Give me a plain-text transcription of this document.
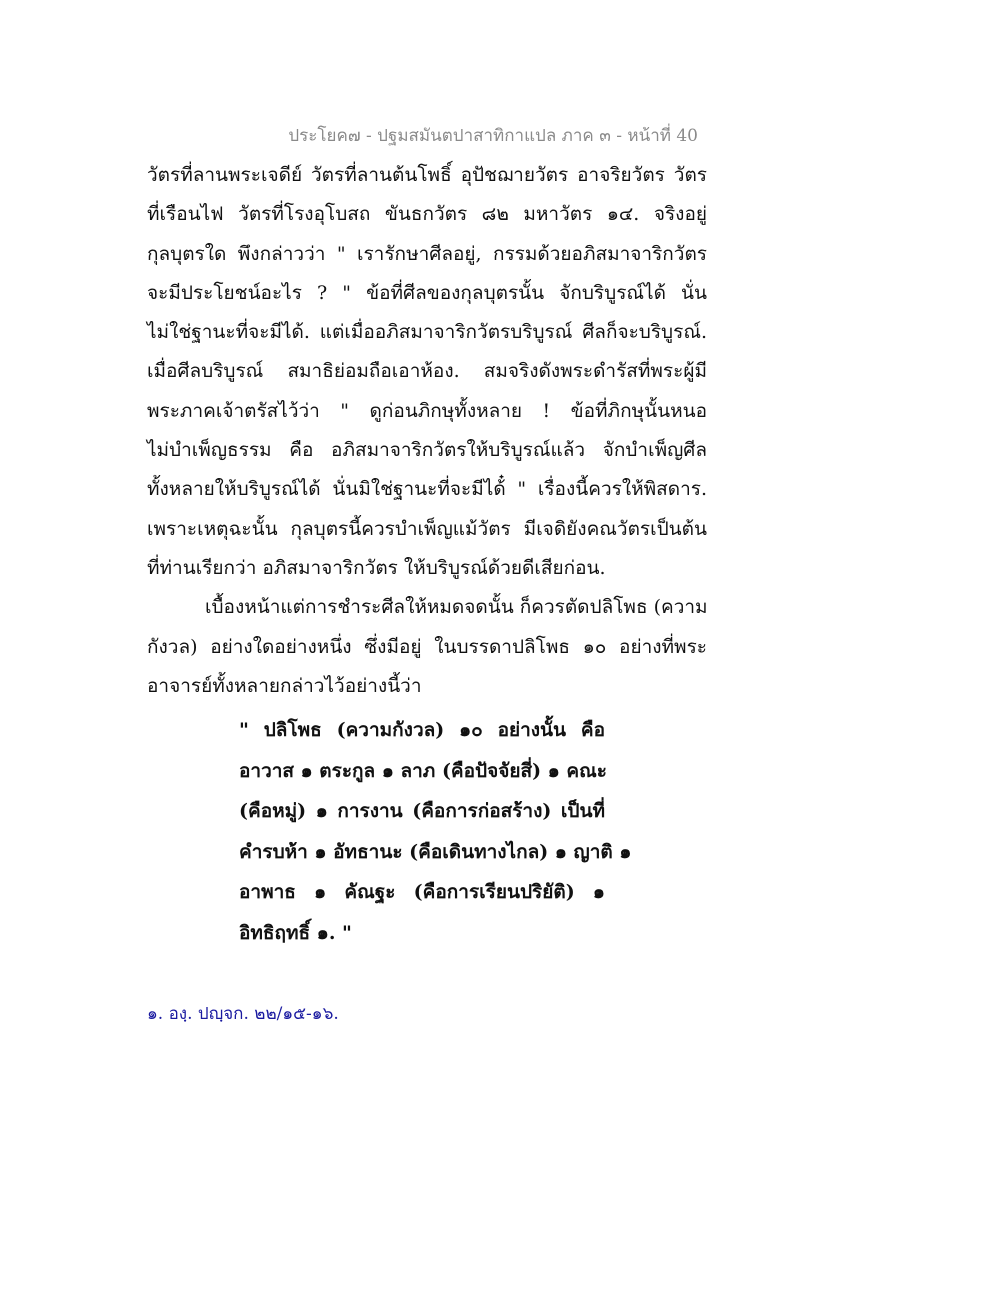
ประโยค๗ - ปฐมสมันตปาสาทิกาแปล ภาค ๓ - หน้าที่ 40
วัตรที่ลานพระเจดีย์ วัตรที่ลานต้นโพธิ์ อุปัชฌายวัตร อาจริยวัตร วัตร
ที่เรือนไฟ วัตรที่โรงอุโบสถ ขันธกวัตร ๘๒ มหาวัตร ๑๔. จริงอยู่
กุลบุตรใด พึงกล่าวว่า " เรารักษาศีลอยู่, กรรมด้วยอภิสมาจาริกวัตร
จะมีประโยชน์อะไร ? " ข้อที่ศีลของกุลบุตรนั้น จักบริบูรณ์ได้ นั่น
ไม่ใช่ฐานะที่จะมีได้. แต่เมื่ออภิสมาจาริกวัตรบริบูรณ์ ศีลก็จะบริบูรณ์.
เมื่อศีลบริบูรณ์ สมาธิย่อมถือเอาห้อง. สมจริงดังพระดำรัสที่พระผู้มี
พระภาคเจ้าตรัสไว้ว่า " ดูก่อนภิกษุทั้งหลาย ! ข้อที่ภิกษุนั้นหนอ
ไม่บำเพ็ญธรรม คือ อภิสมาจาริกวัตรให้บริบูรณ์แล้ว จักบำเพ็ญศีล
ทั้งหลายให้บริบูรณ์ได้ นั่นมิใช่ฐานะที่จะมีได้๋ " เรื่องนี้ควรให้พิสดาร.
เพราะเหตุฉะนั้น กุลบุตรนี้ควรบำเพ็ญแม้วัตร มีเจดิยังคณวัตรเป็นต้น
ที่ท่านเรียกว่า อภิสมาจาริกวัตร ให้บริบูรณ์ด้วยดีเสียก่อน.
เบื้องหน้าแต่การชำระศีลให้หมดจดนั้น ก็ควรตัดปลิโพธ (ความ
กังวล) อย่างใดอย่างหนึ่ง ซึ่งมีอยู่ ในบรรดาปลิโพธ ๑๐ อย่างที่พระ
อาจารย์ทั้งหลายกล่าวไว้อย่างนี้ว่า
" ปลิโพธ (ความกังวล) ๑๐ อย่างนั้น คือ
อาวาส ๑ ตระกูล ๑ ลาภ (คือปัจจัยสี่) ๑ คณะ
(คือหมู่) ๑ การงาน (คือการก่อสร้าง) เป็นที่
คำรบห้า ๑ อัทธานะ (คือเดินทางไกล) ๑ ญาติ ๑
อาพาธ ๑ คัณฐะ (คือการเรียนปริยัติ) ๑
อิทธิฤทธิ์ ๑. "
๑. องฺ. ปญฺจก. ๒๒/๑๕-๑๖.
